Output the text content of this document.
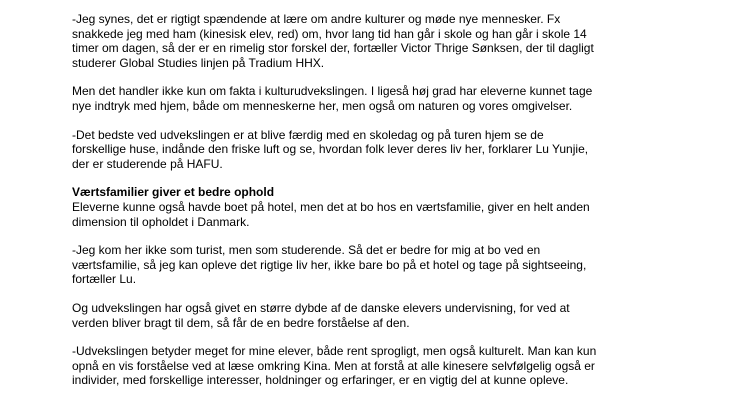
-Jeg synes, det er rigtigt spændende at lære om andre kulturer og møde nye mennesker. Fx
snakkede jeg med ham (kinesisk elev, red) om, hvor lang tid han går i skole og han går i skole 14
timer om dagen, så der er en rimelig stor forskel der, fortæller Victor Thrige Sønksen, der til dagligt
studerer Global Studies linjen på Tradium HHX.
Men det handler ikke kun om fakta i kulturudvekslingen. I ligeså høj grad har eleverne kunnet tage
nye indtryk med hjem, både om menneskerne her, men også om naturen og vores omgivelser.
-Det bedste ved udvekslingen er at blive færdig med en skoledag og på turen hjem se de
forskellige huse, indånde den friske luft og se, hvordan folk lever deres liv her, forklarer Lu Yunjie,
der er studerende på HAFU.
Værtsfamilier giver et bedre ophold
Eleverne kunne også havde boet på hotel, men det at bo hos en værtsfamilie, giver en helt anden
dimension til opholdet i Danmark.
-Jeg kom her ikke som turist, men som studerende. Så det er bedre for mig at bo ved en
værtsfamilie, så jeg kan opleve det rigtige liv her, ikke bare bo på et hotel og tage på sightseeing,
fortæller Lu.
Og udvekslingen har også givet en større dybde af de danske elevers undervisning, for ved at
verden bliver bragt til dem, så får de en bedre forståelse af den.
-Udvekslingen betyder meget for mine elever, både rent sprogligt, men også kulturelt. Man kan kun
opnå en vis forståelse ved at læse omkring Kina. Men at forstå at alle kinesere selvfølgelig også er
individer, med forskellige interesser, holdninger og erfaringer, er en vigtig del at kunne opleve.
